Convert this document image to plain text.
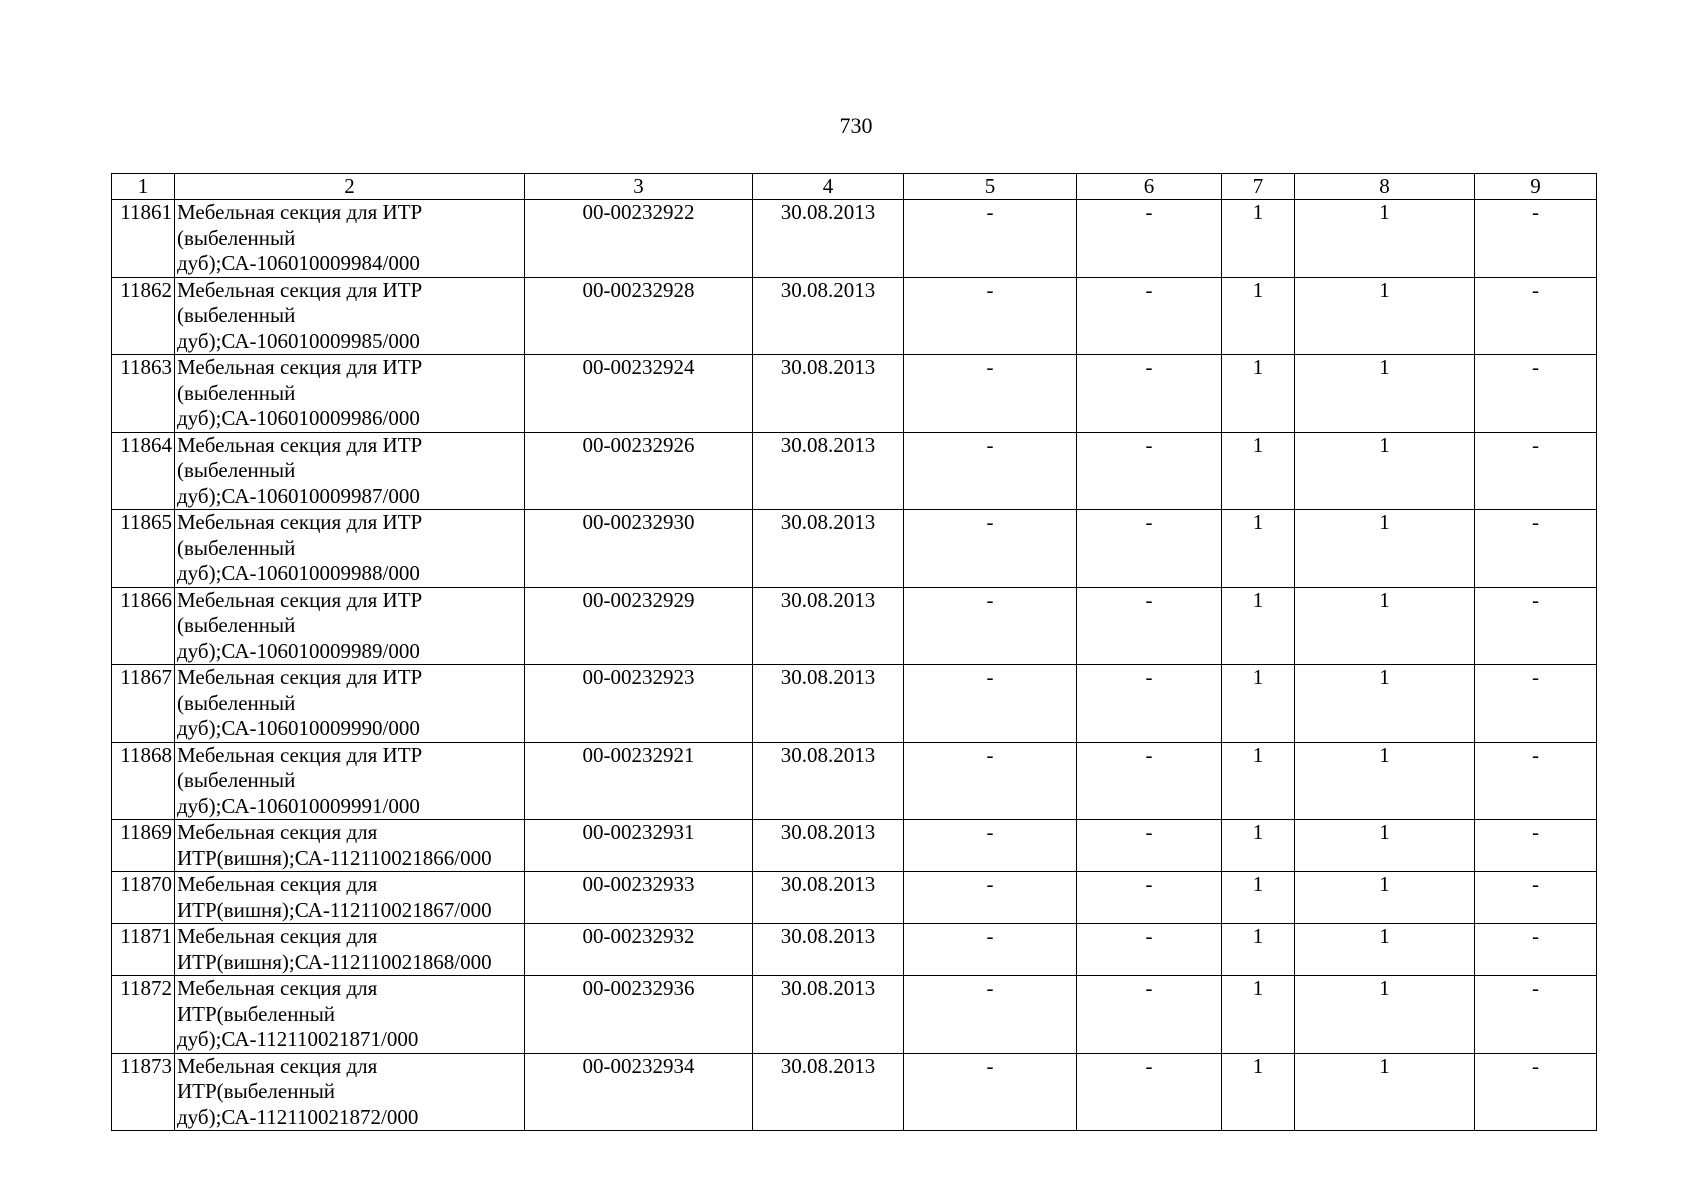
730
1	2	3	4	5	6	7	8	9
11861	Мебельная секция для ИТР
(выбеленный
дуб);СА-106010009984/000	00-00232922	30.08.2013	-	-	1	1	-
11862	Мебельная секция для ИТР
(выбеленный
дуб);СА-106010009985/000	00-00232928	30.08.2013	-	-	1	1	-
11863	Мебельная секция для ИТР
(выбеленный
дуб);СА-106010009986/000	00-00232924	30.08.2013	-	-	1	1	-
11864	Мебельная секция для ИТР
(выбеленный
дуб);СА-106010009987/000	00-00232926	30.08.2013	-	-	1	1	-
11865	Мебельная секция для ИТР
(выбеленный
дуб);СА-106010009988/000	00-00232930	30.08.2013	-	-	1	1	-
11866	Мебельная секция для ИТР
(выбеленный
дуб);СА-106010009989/000	00-00232929	30.08.2013	-	-	1	1	-
11867	Мебельная секция для ИТР
(выбеленный
дуб);СА-106010009990/000	00-00232923	30.08.2013	-	-	1	1	-
11868	Мебельная секция для ИТР
(выбеленный
дуб);СА-106010009991/000	00-00232921	30.08.2013	-	-	1	1	-
11869	Мебельная секция для
ИТР(вишня);СА-112110021866/000	00-00232931	30.08.2013	-	-	1	1	-
11870	Мебельная секция для
ИТР(вишня);СА-112110021867/000	00-00232933	30.08.2013	-	-	1	1	-
11871	Мебельная секция для
ИТР(вишня);СА-112110021868/000	00-00232932	30.08.2013	-	-	1	1	-
11872	Мебельная секция для
ИТР(выбеленный
дуб);СА-112110021871/000	00-00232936	30.08.2013	-	-	1	1	-
11873	Мебельная секция для
ИТР(выбеленный
дуб);СА-112110021872/000	00-00232934	30.08.2013	-	-	1	1	-
